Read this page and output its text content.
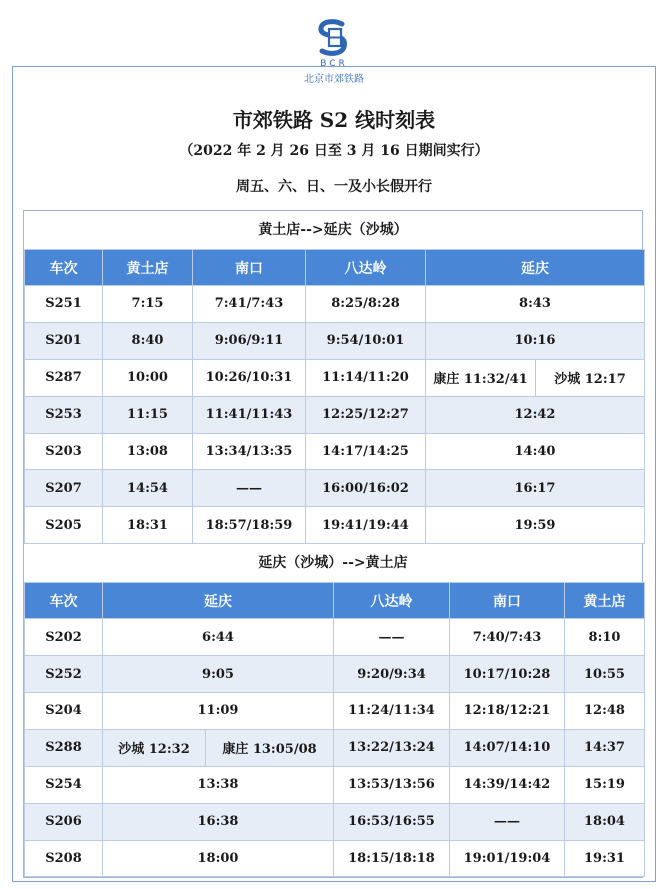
BCR
北京市郊铁路
市郊铁路 S2 线时刻表
（2022 年 2 月 26 日至 3 月 16 日期间实行）
周五、六、日、一及小长假开行
黄土店-->延庆（沙城）
车次	黄土店	南口	八达岭	延庆	
S251	7:15	7:41/7:43	8:25/8:28	8:43	
S201	8:40	9:06/9:11	9:54/10:01	10:16	
S287	10:00	10:26/10:31	11:14/11:20	康庄 11:32/41	沙城 12:17
S253	11:15	11:41/11:43	12:25/12:27	12:42	
S203	13:08	13:34/13:35	14:17/14:25	14:40	
S207	14:54	——	16:00/16:02	16:17	
S205	18:31	18:57/18:59	19:41/19:44	19:59	
延庆（沙城）-->黄土店
车次	延庆		八达岭	南口	黄土店
S202	6:44		——	7:40/7:43	8:10
S252	9:05		9:20/9:34	10:17/10:28	10:55
S204	11:09		11:24/11:34	12:18/12:21	12:48
S288	沙城 12:32	康庄 13:05/08	13:22/13:24	14:07/14:10	14:37
S254	13:38		13:53/13:56	14:39/14:42	15:19
S206	16:38		16:53/16:55	——	18:04
S208	18:00		18:15/18:18	19:01/19:04	19:31
